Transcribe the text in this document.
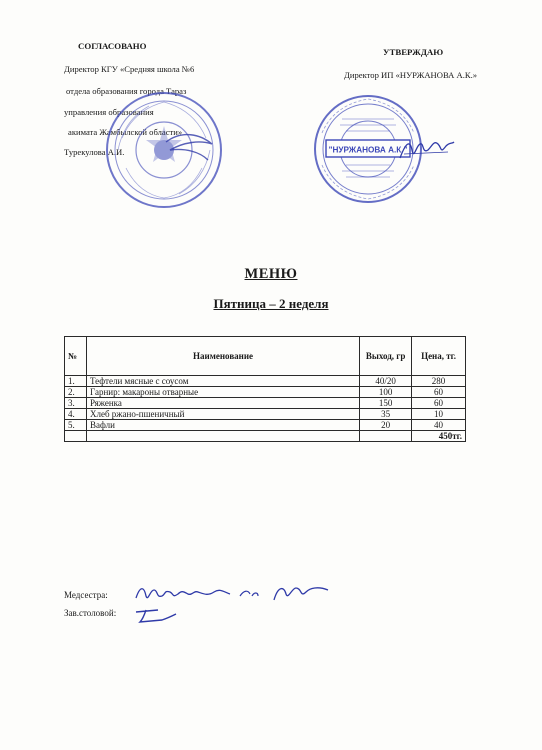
СОГЛАСОВАНО
Директор КГУ «Средняя школа №6
отдела образования города Тараз
управления образования
акимата Жамбылской области»
Турекулова А.И.
УТВЕРЖДАЮ
Директор ИП «НУРЖАНОВА А.К.»
"НУРЖАНОВА А.К."
МЕНЮ
Пятница – 2 неделя
№	Наименование	Выход, гр	Цена, тг.
1.	Тефтели мясные с соусом	40/20	280
2.	Гарнир: макароны отварные	100	60
3.	Ряженка	150	60
4.	Хлеб ржано-пшеничный	35	10
5.	Вафли	20	40
			450тг.
Медсестра:
Зав.столовой:
